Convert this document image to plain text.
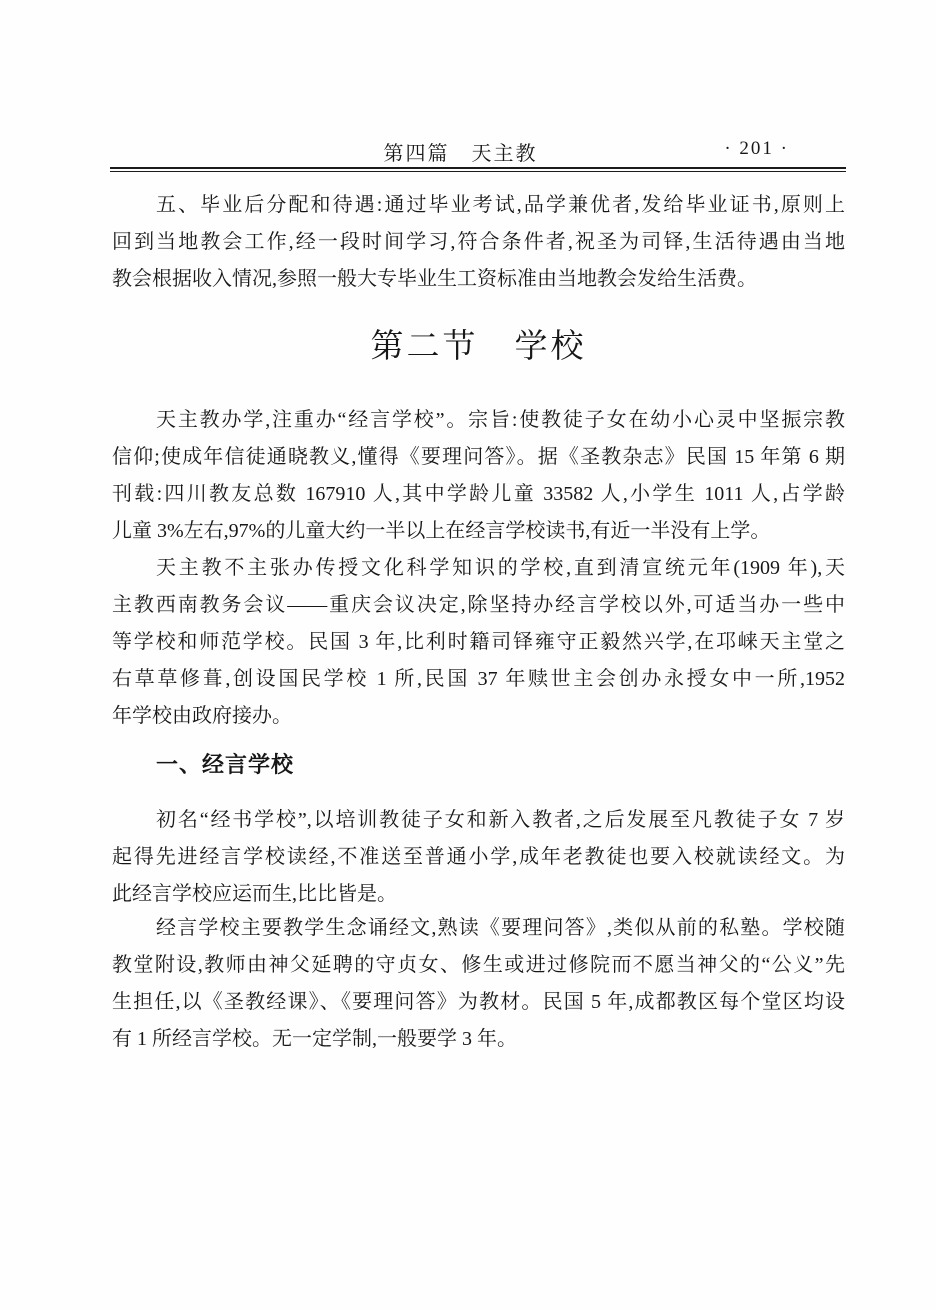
第四篇　天主教	· 201 ·
五、毕业后分配和待遇:通过毕业考试,品学兼优者,发给毕业证书,原则上
回到当地教会工作,经一段时间学习,符合条件者,祝圣为司铎,生活待遇由当地
教会根据收入情况,参照一般大专毕业生工资标准由当地教会发给生活费。
第二节　学校
天主教办学,注重办“经言学校”。宗旨:使教徒子女在幼小心灵中坚振宗教
信仰;使成年信徒通晓教义,懂得《要理问答》。据《圣教杂志》民国 15 年第 6 期
刊载:四川教友总数 167910 人,其中学龄儿童 33582 人,小学生 1011 人,占学龄
儿童 3%左右,97%的儿童大约一半以上在经言学校读书,有近一半没有上学。
天主教不主张办传授文化科学知识的学校,直到清宣统元年(1909 年),天
主教西南教务会议——重庆会议决定,除坚持办经言学校以外,可适当办一些中
等学校和师范学校。民国 3 年,比利时籍司铎雍守正毅然兴学,在邛崃天主堂之
右草草修葺,创设国民学校 1 所,民国 37 年赎世主会创办永授女中一所,1952
年学校由政府接办。
一、经言学校
初名“经书学校”,以培训教徒子女和新入教者,之后发展至凡教徒子女 7 岁
起得先进经言学校读经,不准送至普通小学,成年老教徒也要入校就读经文。为
此经言学校应运而生,比比皆是。
经言学校主要教学生念诵经文,熟读《要理问答》,类似从前的私塾。学校随
教堂附设,教师由神父延聘的守贞女、修生或进过修院而不愿当神父的“公义”先
生担任,以《圣教经课》、《要理问答》为教材。民国 5 年,成都教区每个堂区均设
有 1 所经言学校。无一定学制,一般要学 3 年。
